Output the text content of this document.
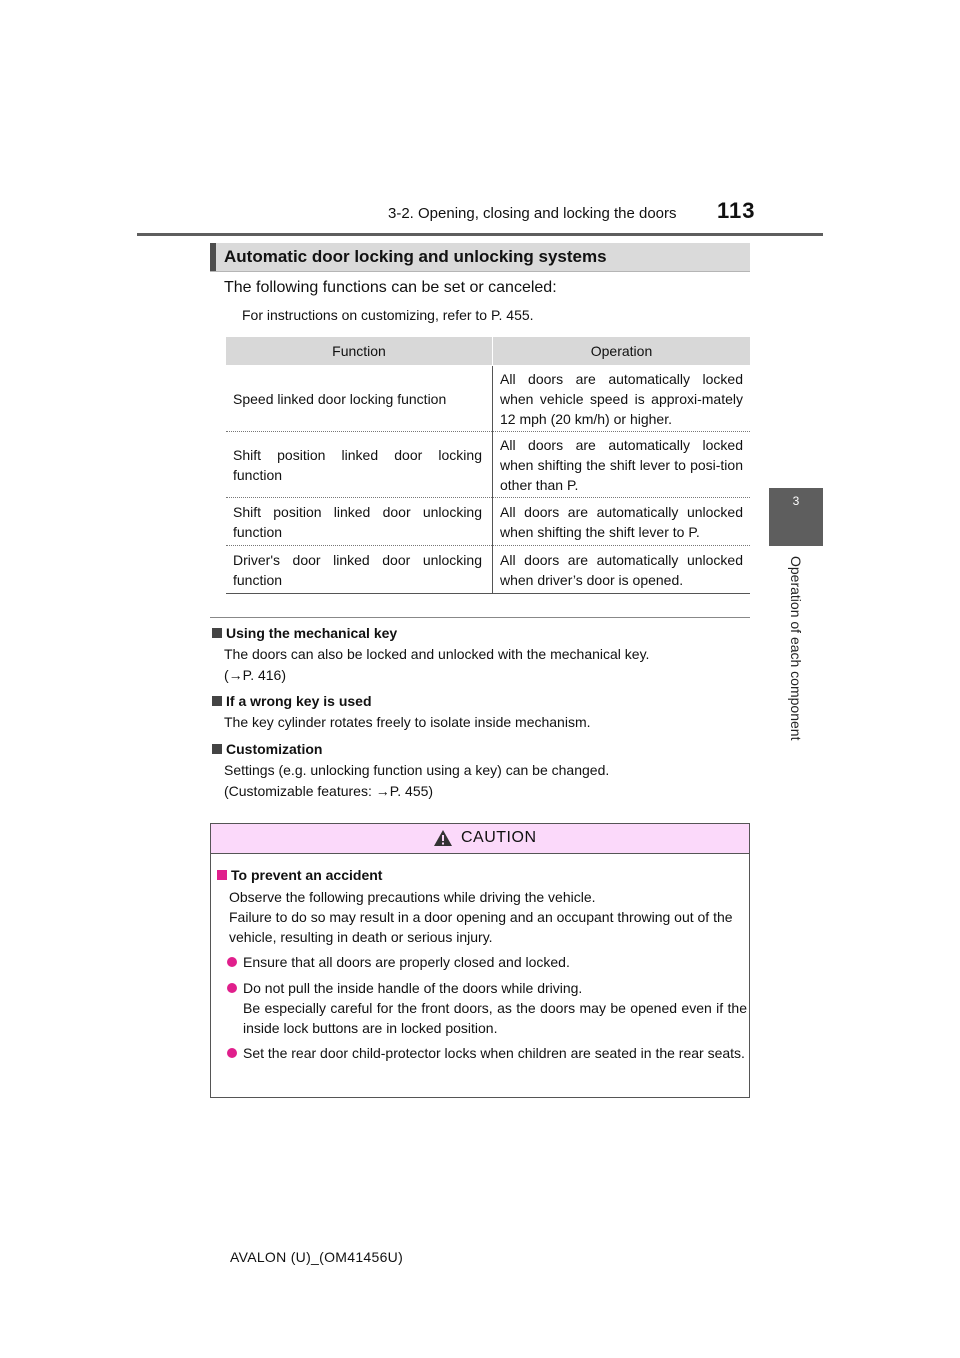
3-2. Opening, closing and locking the doors 113
3
Operation of each component
Automatic door locking and unlocking systems
The following functions can be set or canceled:
For instructions on customizing, refer to P. 455.
Function	Operation
Speed linked door locking function	All doors are automatically locked when vehicle speed is approxi-mately 12 mph (20 km/h) or higher.
Shift position linked door locking function	All doors are automatically locked when shifting the shift lever to posi-tion other than P.
Shift position linked door unlocking function	All doors are automatically unlocked when shifting the shift lever to P.
Driver's door linked door unlocking function	All doors are automatically unlocked when driver’s door is opened.
Using the mechanical key
The doors can also be locked and unlocked with the mechanical key.
(→P. 416)
If a wrong key is used
The key cylinder rotates freely to isolate inside mechanism.
Customization
Settings (e.g. unlocking function using a key) can be changed.
(Customizable features: →P. 455)
CAUTION
To prevent an accident
Observe the following precautions while driving the vehicle.
Failure to do so may result in a door opening and an occupant throwing out of the vehicle, resulting in death or serious injury.
Ensure that all doors are properly closed and locked.
Do not pull the inside handle of the doors while driving.
Be especially careful for the front doors, as the doors may be opened even if the inside lock buttons are in locked position.
Set the rear door child-protector locks when children are seated in the rear seats.
AVALON (U)_(OM41456U)
